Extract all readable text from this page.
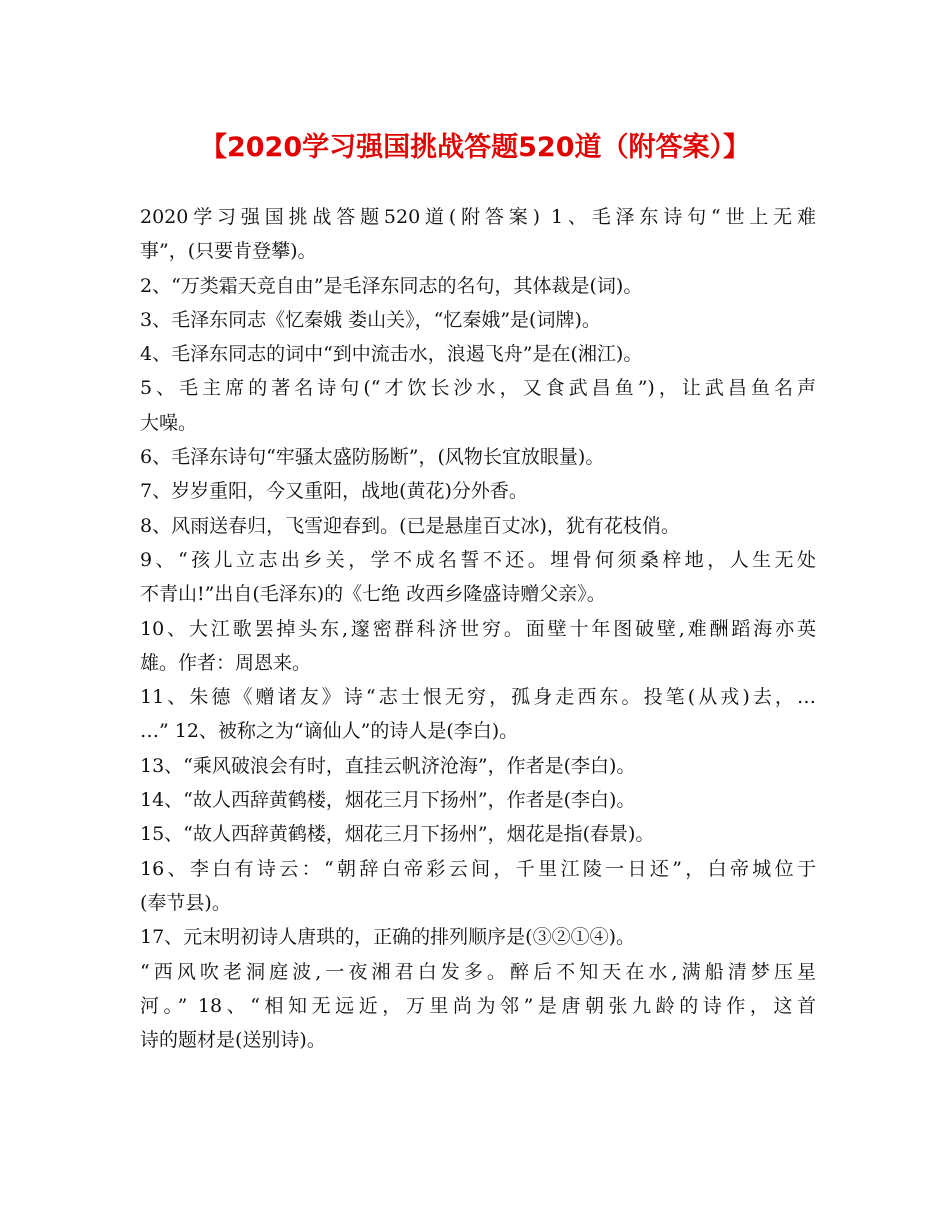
【2020学习强国挑战答题520道（附答案）】
2020学习强国挑战答题520道(附答案) 1、毛泽东诗句“世上无难
事”，(只要肯登攀)。
2、“万类霜天竞自由”是毛泽东同志的名句，其体裁是(词)。
3、毛泽东同志《忆秦娥 娄山关》，“忆秦娥”是(词牌)。
4、毛泽东同志的词中“到中流击水，浪遏飞舟”是在(湘江)。
5、毛主席的著名诗句(“才饮长沙水，又食武昌鱼”)，让武昌鱼名声
大噪。
6、毛泽东诗句“牢骚太盛防肠断”，(风物长宜放眼量)。
7、岁岁重阳，今又重阳，战地(黄花)分外香。
8、风雨送春归，飞雪迎春到。(已是悬崖百丈冰)，犹有花枝俏。
9、“孩儿立志出乡关，学不成名誓不还。埋骨何须桑梓地，人生无处
不青山!”出自(毛泽东)的《七绝 改西乡隆盛诗赠父亲》。
10、大江歌罢掉头东,邃密群科济世穷。面壁十年图破壁,难酬蹈海亦英
雄。作者：周恩来。
11、朱德《赠诸友》诗“志士恨无穷，孤身走西东。投笔(从戎)去，…
…” 12、被称之为“谪仙人”的诗人是(李白)。
13、“乘风破浪会有时，直挂云帆济沧海”，作者是(李白)。
14、“故人西辞黄鹤楼，烟花三月下扬州”，作者是(李白)。
15、“故人西辞黄鹤楼，烟花三月下扬州”，烟花是指(春景)。
16、李白有诗云：“朝辞白帝彩云间，千里江陵一日还”，白帝城位于
(奉节县)。
17、元末明初诗人唐珙的，正确的排列顺序是(③②①④)。
“西风吹老洞庭波,一夜湘君白发多。醉后不知天在水,满船清梦压星
河。” 18、“相知无远近，万里尚为邻”是唐朝张九龄的诗作，这首
诗的题材是(送别诗)。
